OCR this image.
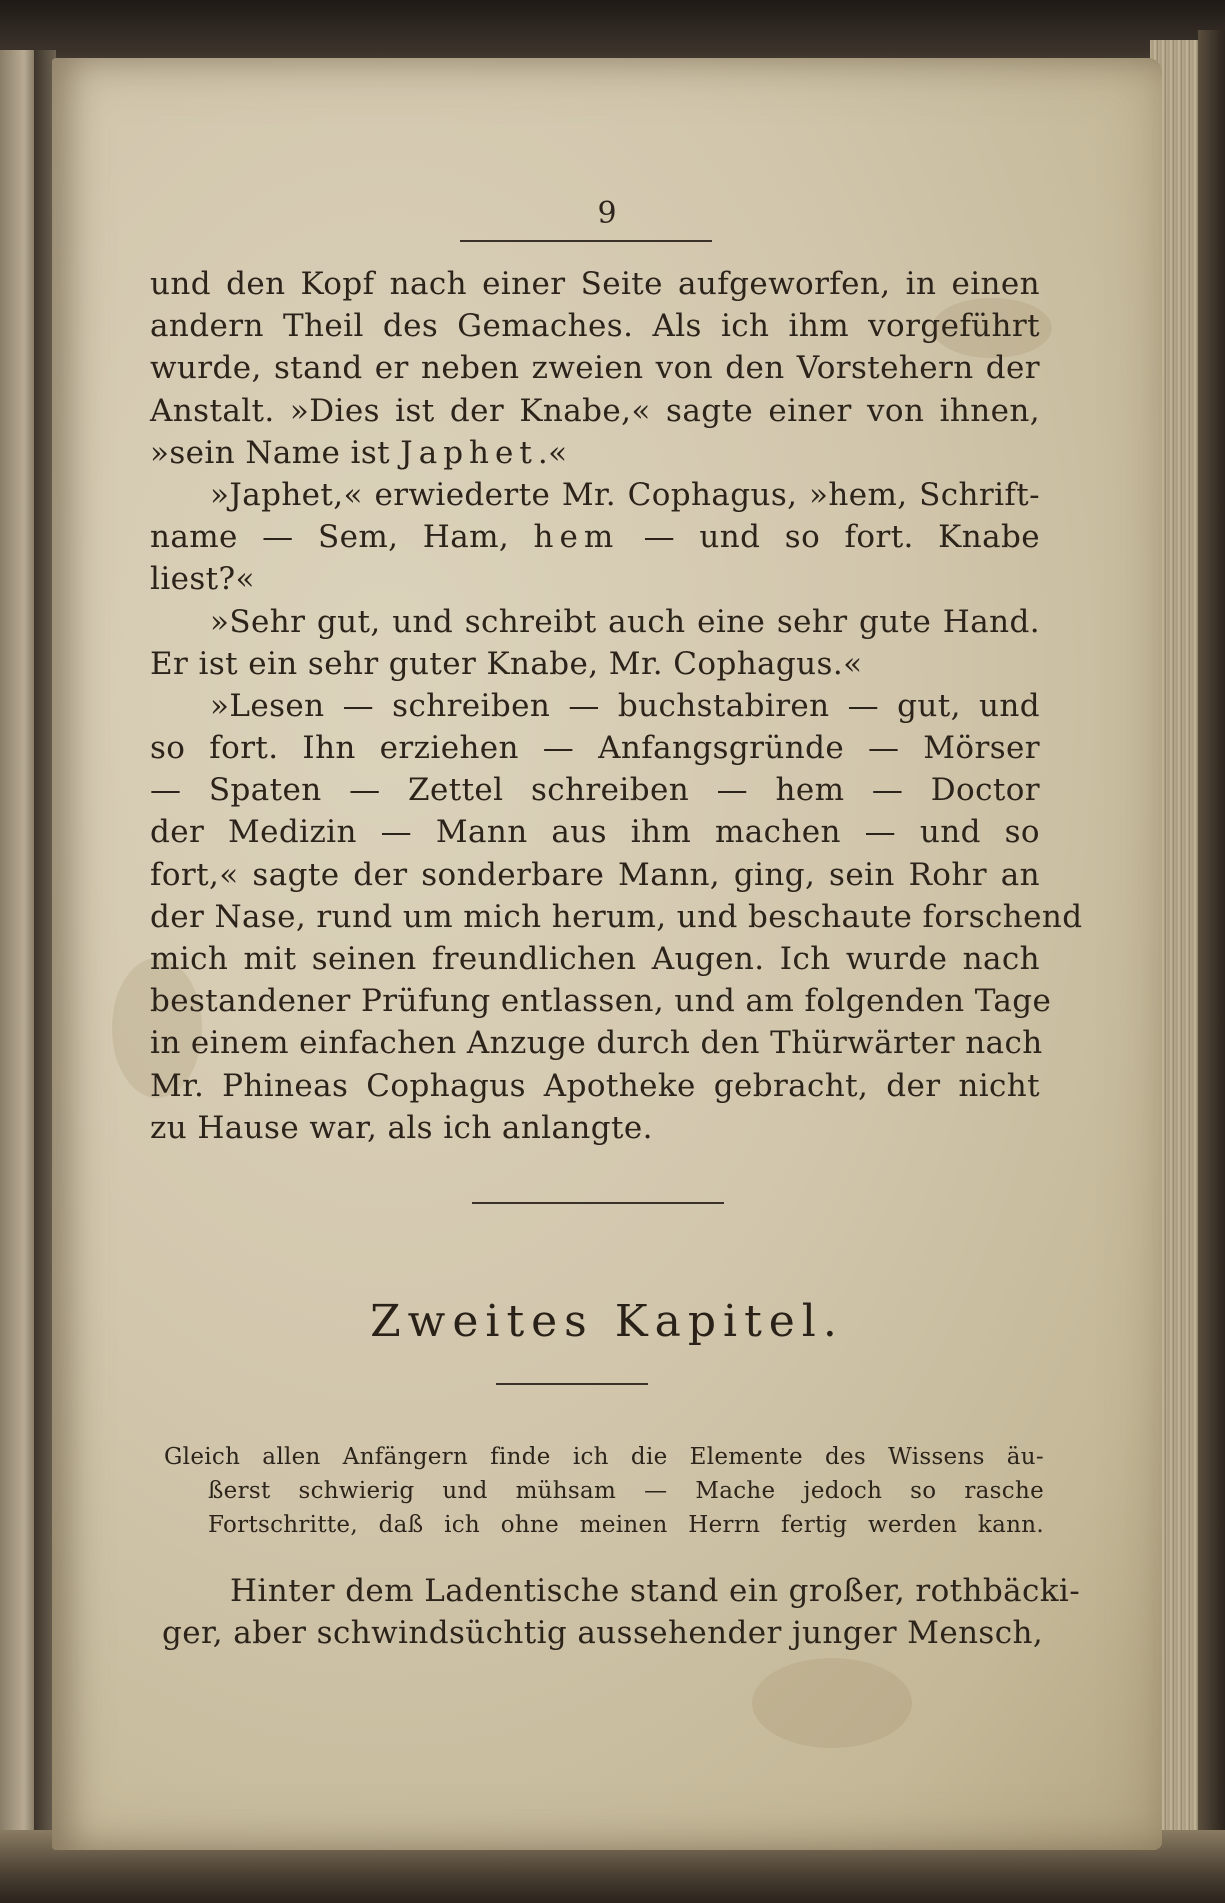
9
und den Kopf nach einer Seite aufgeworfen, in einen
andern Theil des Gemaches. Als ich ihm vorgeführt
wurde, stand er neben zweien von den Vorstehern der
Anstalt. »Dies ist der Knabe,« sagte einer von ihnen,
»sein Name ist Japhet.«
»Japhet,« erwiederte Mr. Cophagus, »hem, Schrift-
name — Sem, Ham, hem — und so fort. Knabe
liest?«
»Sehr gut, und schreibt auch eine sehr gute Hand.
Er ist ein sehr guter Knabe, Mr. Cophagus.«
»Lesen — schreiben — buchstabiren — gut, und
so fort. Ihn erziehen — Anfangsgründe — Mörser
— Spaten — Zettel schreiben — hem — Doctor
der Medizin — Mann aus ihm machen — und so
fort,« sagte der sonderbare Mann, ging, sein Rohr an
der Nase, rund um mich herum, und beschaute forschend
mich mit seinen freundlichen Augen. Ich wurde nach
bestandener Prüfung entlassen, und am folgenden Tage
in einem einfachen Anzuge durch den Thürwärter nach
Mr. Phineas Cophagus Apotheke gebracht, der nicht
zu Hause war, als ich anlangte.
Zweites Kapitel.
Gleich allen Anfängern finde ich die Elemente des Wissens äu-
ßerst schwierig und mühsam — Mache jedoch so rasche
Fortschritte, daß ich ohne meinen Herrn fertig werden kann.
Hinter dem Ladentische stand ein großer, rothbäcki-
ger, aber schwindsüchtig aussehender junger Mensch,
